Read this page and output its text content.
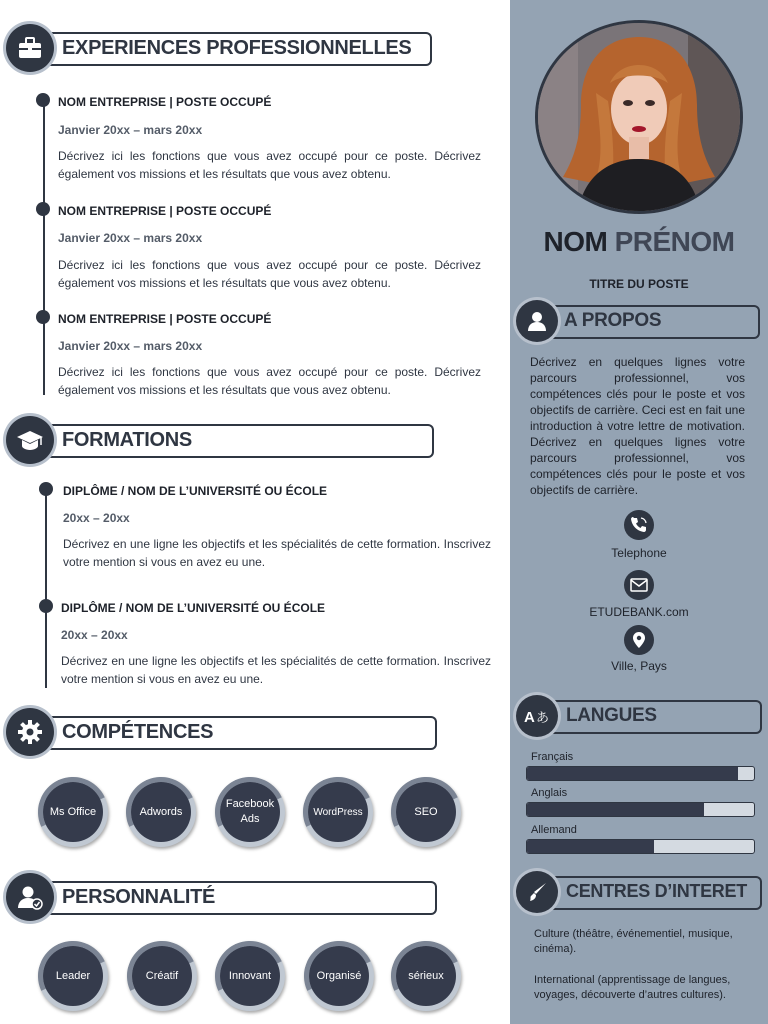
EXPERIENCES PROFESSIONNELLES
NOM ENTREPRISE | POSTE OCCUPÉ
Janvier 20xx – mars 20xx
Décrivez ici les fonctions que vous avez occupé pour ce poste. Décrivez également vos missions et les résultats que vous avez obtenu.
NOM ENTREPRISE | POSTE OCCUPÉ
Janvier 20xx – mars 20xx
Décrivez ici les fonctions que vous avez occupé pour ce poste. Décrivez également vos missions et les résultats que vous avez obtenu.
NOM ENTREPRISE | POSTE OCCUPÉ
Janvier 20xx – mars 20xx
Décrivez ici les fonctions que vous avez occupé pour ce poste. Décrivez également vos missions et les résultats que vous avez obtenu.
FORMATIONS
DIPLÔME / NOM DE L’UNIVERSITÉ OU ÉCOLE
20xx – 20xx
Décrivez en une ligne les objectifs et les spécialités de cette formation. Inscrivez votre mention si vous en avez eu une.
DIPLÔME / NOM DE L’UNIVERSITÉ OU ÉCOLE
20xx – 20xx
Décrivez en une ligne les objectifs et les spécialités de cette formation. Inscrivez votre mention si vous en avez eu une.
COMPÉTENCES
Ms Office	Adwords
Facebook Ads
WordPress	SEO
PERSONNALITÉ
Leader	Créatif	Innovant	Organisé	sérieux
NOM PRÉNOM
TITRE DU POSTE
A PROPOS
Décrivez en quelques lignes votre parcours professionnel, vos compétences clés pour le poste et vos objectifs de carrière. Ceci est en fait une introduction à votre lettre de motivation. Décrivez en quelques lignes votre parcours professionnel, vos compétences clés pour le poste et vos objectifs de carrière.
Telephone
ETUDEBANK.com
Ville, Pays
A あ LANGUES
Français
Anglais
Allemand
CENTRES D’INTERET
Culture (théâtre, événementiel, musique, cinéma).
International (apprentissage de langues, voyages, découverte d’autres cultures).
